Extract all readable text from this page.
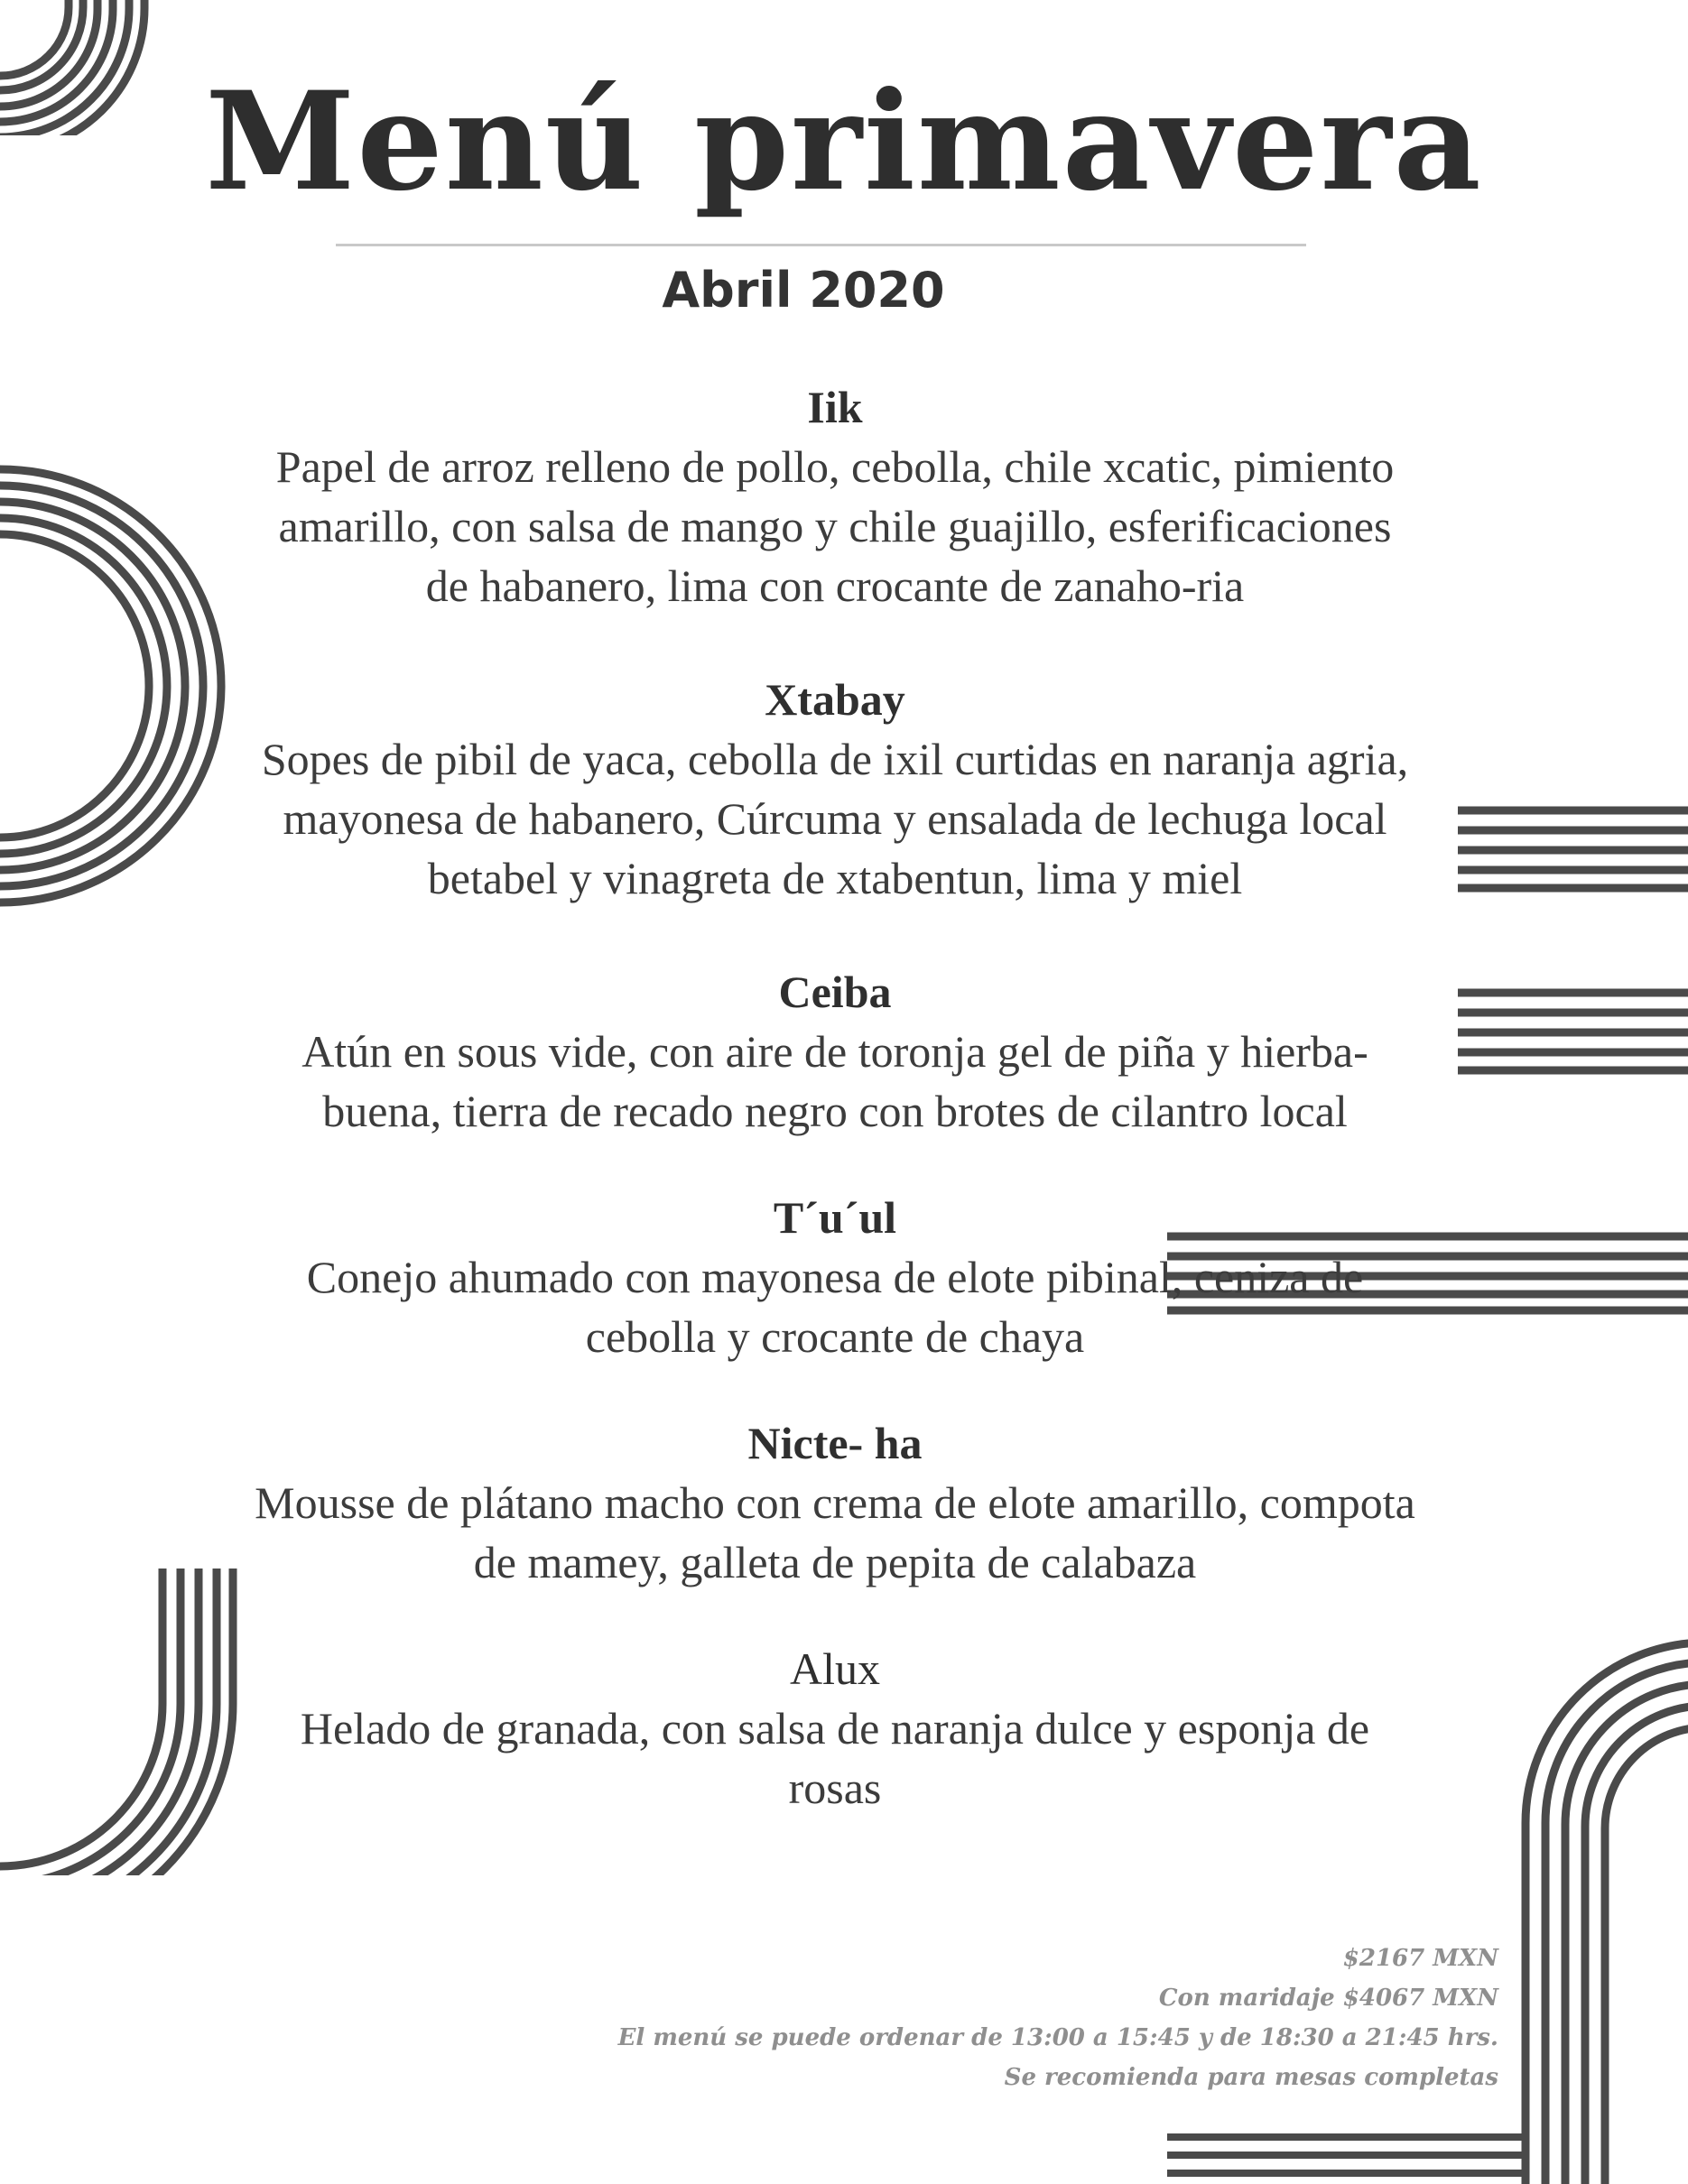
Menú primavera
Abril 2020
Iik

Papel de arroz relleno de pollo, cebolla, chile xcatic, pimiento amarillo, con salsa de mango y chile guajillo, esferificaciones de habanero, lima con crocante de zanaho-ria

Xtabay

Sopes de pibil de yaca, cebolla de ixil curtidas en naranja agria, mayonesa de habanero, Cúrcuma y ensalada de lechuga local betabel y vinagreta de xtabentun, lima y miel

Ceiba

Atún en sous vide, con aire de toronja gel de piña y hierba-buena, tierra de recado negro con brotes de cilantro local

T´u´ul

Conejo ahumado con mayonesa de elote pibinal, ceniza de cebolla y crocante de chaya

Nicte- ha

Mousse de plátano macho con crema de elote amarillo, compota de mamey, galleta de pepita de calabaza

Alux

Helado de granada, con salsa de naranja dulce y esponja de rosas

$2167 MXN
Con maridaje $4067 MXN
El menú se puede ordenar de 13:00 a 15:45 y de 18:30 a 21:45 hrs.
Se recomienda para mesas completas
